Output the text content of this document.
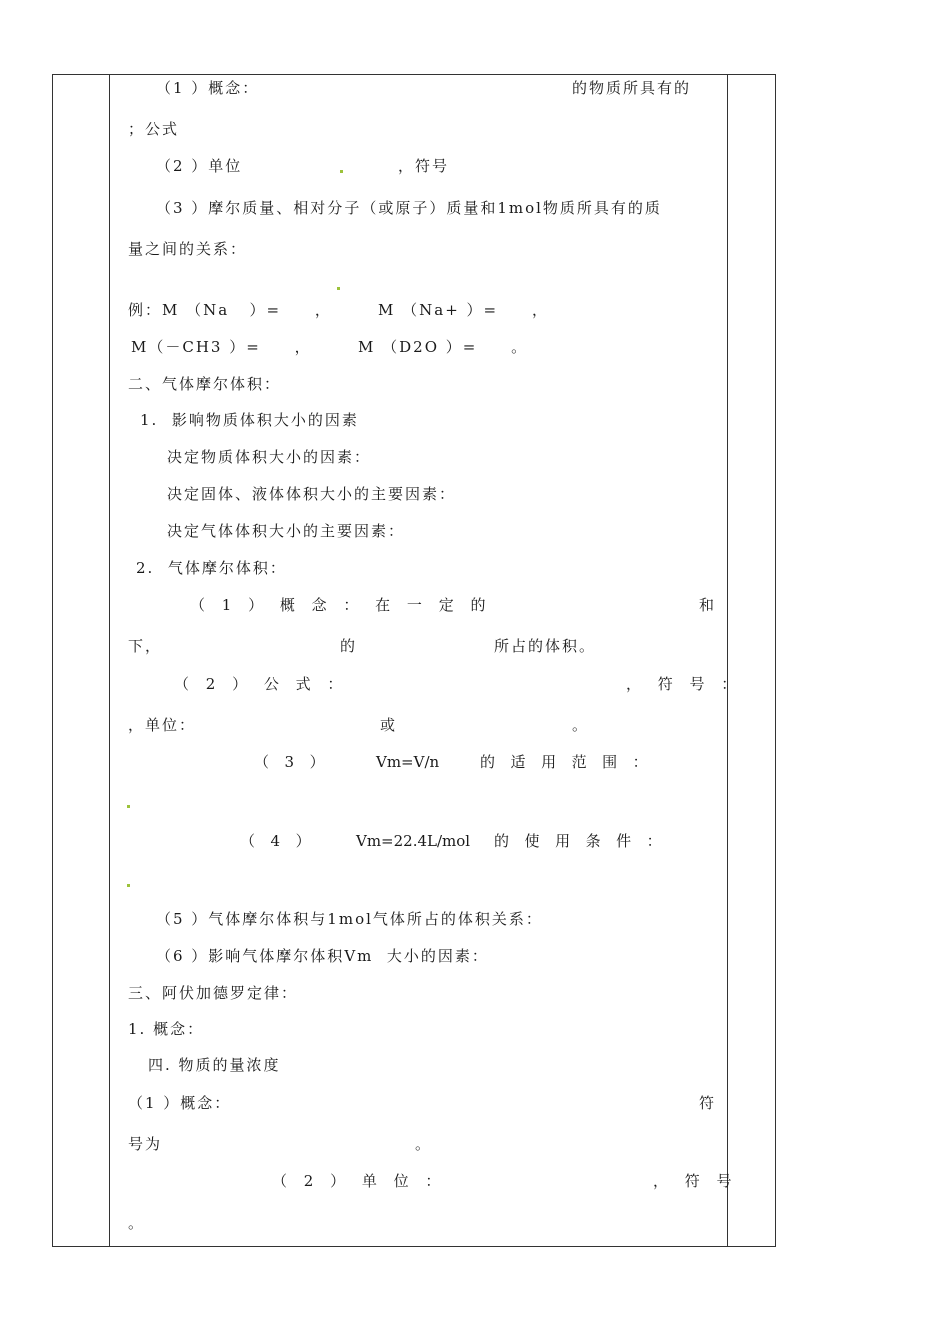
（1 ）概念：	的物质所具有的
；公式
（2 ）单位	，符号
（3 ）摩尔质量、相对分子（或原子）质量和1mol物质所具有的质
量之间的关系：
例：M （Na   ）=     ，	M （Na+ ）=     ，
M（－CH3 ）=     ，	M （D2O ）=     。
二、气体摩尔体积：
1.  影响物质体积大小的因素
决定物质体积大小的因素：
决定固体、液体体积大小的主要因素：
决定气体体积大小的主要因素：
2.  气体摩尔体积：
（ 1 ） 概 念 ： 在 一 定 的	和
下，	的	所占的体积。
（ 2 ） 公 式 ：	， 符 号 ：
，单位：	或	。
（  3  ）	Vm=V/n	的  适  用  范  围  ：
（  4  ）	Vm=22.4L/mol 的  使  用  条  件  ：
（5 ）气体摩尔体积与1mol气体所占的体积关系：
（6 ）影响气体摩尔体积Vm  大小的因素：
三、阿伏加德罗定律：
1. 概念：
四. 物质的量浓度
（1 ）概念：	符
号为	。
（ 2 ） 单 位 ：	， 符 号
。
